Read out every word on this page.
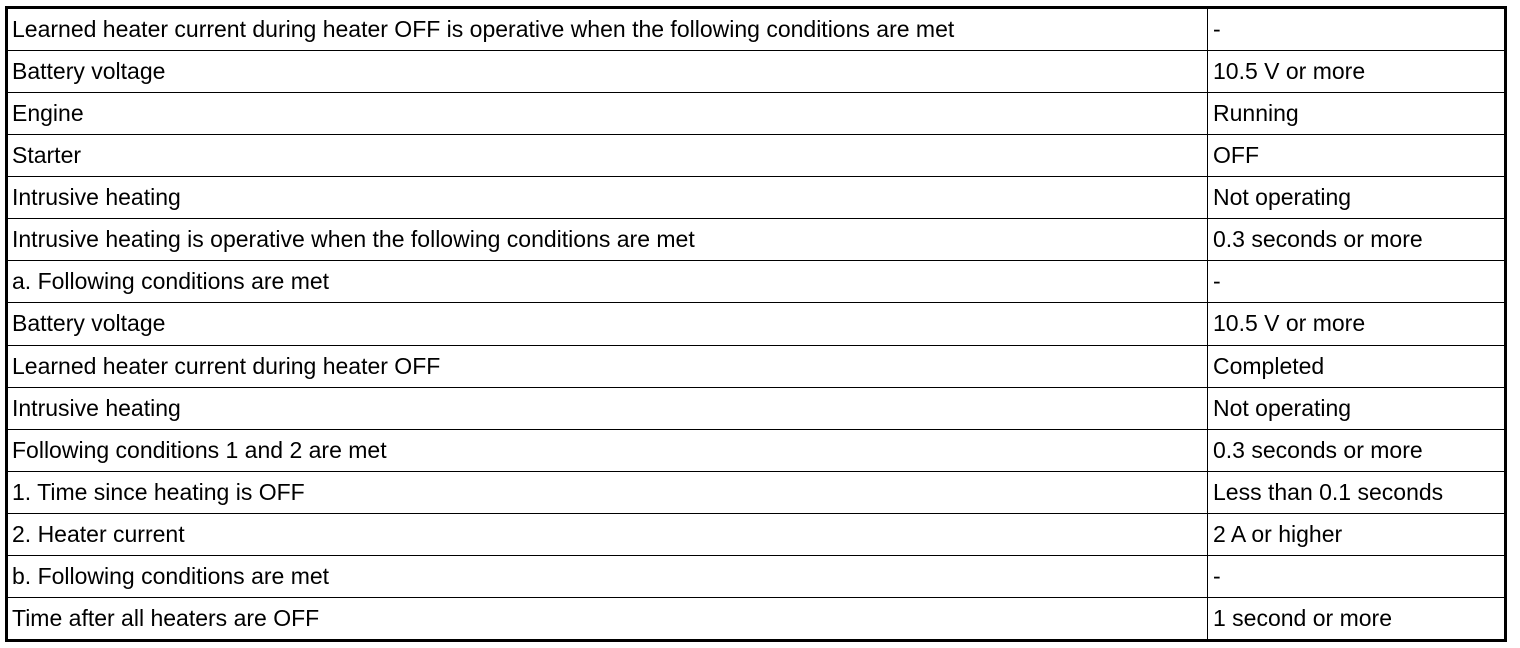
Learned heater current during heater OFF is operative when the following conditions are met	-
Battery voltage	10.5 V or more
Engine	Running
Starter	OFF
Intrusive heating	Not operating
Intrusive heating is operative when the following conditions are met	0.3 seconds or more
a. Following conditions are met	-
Battery voltage	10.5 V or more
Learned heater current during heater OFF	Completed
Intrusive heating	Not operating
Following conditions 1 and 2 are met	0.3 seconds or more
1. Time since heating is OFF	Less than 0.1 seconds
2. Heater current	2 A or higher
b. Following conditions are met	-
Time after all heaters are OFF	1 second or more
